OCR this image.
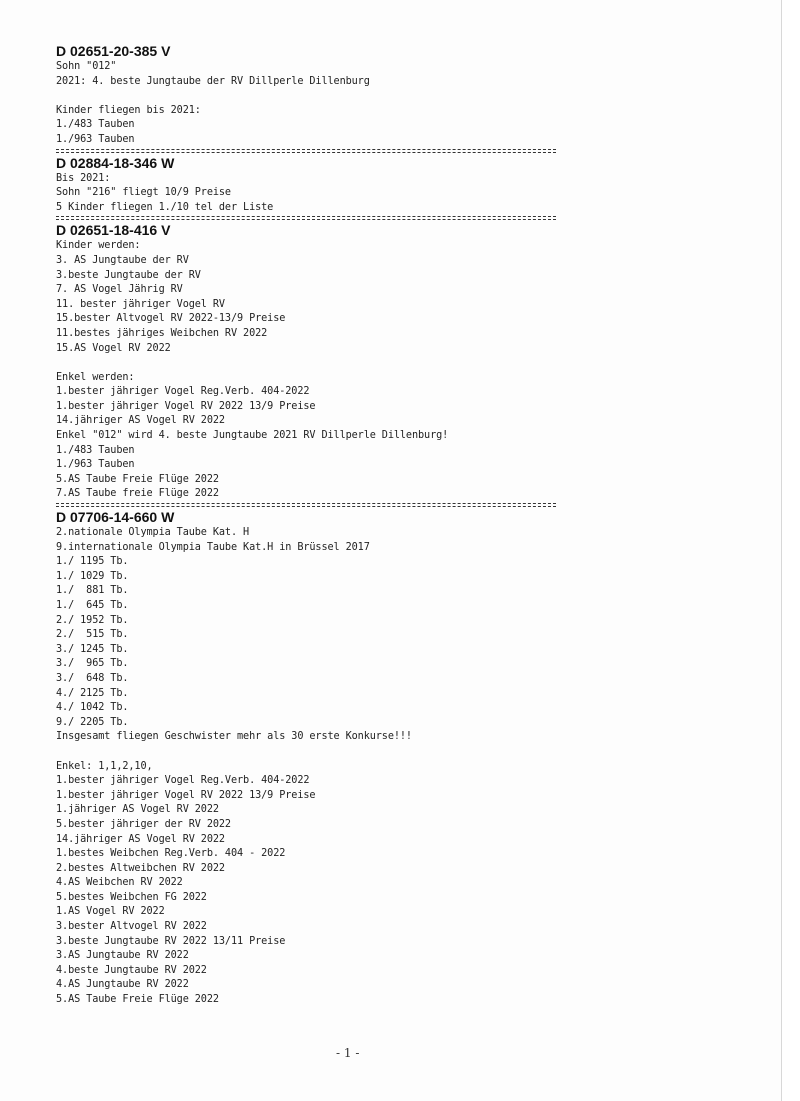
D 02651-20-385 V
Sohn "012"
2021: 4. beste Jungtaube der RV Dillperle Dillenburg
Kinder fliegen bis 2021:
1./483 Tauben
1./963 Tauben
D 02884-18-346 W
Bis 2021:
Sohn "216" fliegt 10/9 Preise
5 Kinder fliegen 1./10 tel der Liste
D 02651-18-416 V
Kinder werden:
3. AS Jungtaube der RV
3.beste Jungtaube der RV
7. AS Vogel Jährig RV
11. bester jähriger Vogel RV
15.bester Altvogel RV 2022-13/9 Preise
11.bestes jähriges Weibchen RV 2022
15.AS Vogel RV 2022
Enkel werden:
1.bester jähriger Vogel Reg.Verb. 404-2022
1.bester jähriger Vogel RV 2022 13/9 Preise
14.jähriger AS Vogel RV 2022
Enkel "012" wird 4. beste Jungtaube 2021 RV Dillperle Dillenburg!
1./483 Tauben
1./963 Tauben
5.AS Taube Freie Flüge 2022
7.AS Taube freie Flüge 2022
D 07706-14-660 W
2.nationale Olympia Taube Kat. H
9.internationale Olympia Taube Kat.H in Brüssel 2017
1./ 1195 Tb.
1./ 1029 Tb.
1./  881 Tb.
1./  645 Tb.
2./ 1952 Tb.
2./  515 Tb.
3./ 1245 Tb.
3./  965 Tb.
3./  648 Tb.
4./ 2125 Tb.
4./ 1042 Tb.
9./ 2205 Tb.
Insgesamt fliegen Geschwister mehr als 30 erste Konkurse!!!
Enkel: 1,1,2,10,
1.bester jähriger Vogel Reg.Verb. 404-2022
1.bester jähriger Vogel RV 2022 13/9 Preise
1.jähriger AS Vogel RV 2022
5.bester jähriger der RV 2022
14.jähriger AS Vogel RV 2022
1.bestes Weibchen Reg.Verb. 404 - 2022
2.bestes Altweibchen RV 2022
4.AS Weibchen RV 2022
5.bestes Weibchen FG 2022
1.AS Vogel RV 2022
3.bester Altvogel RV 2022
3.beste Jungtaube RV 2022 13/11 Preise
3.AS Jungtaube RV 2022
4.beste Jungtaube RV 2022
4.AS Jungtaube RV 2022
5.AS Taube Freie Flüge 2022
- 1 -
